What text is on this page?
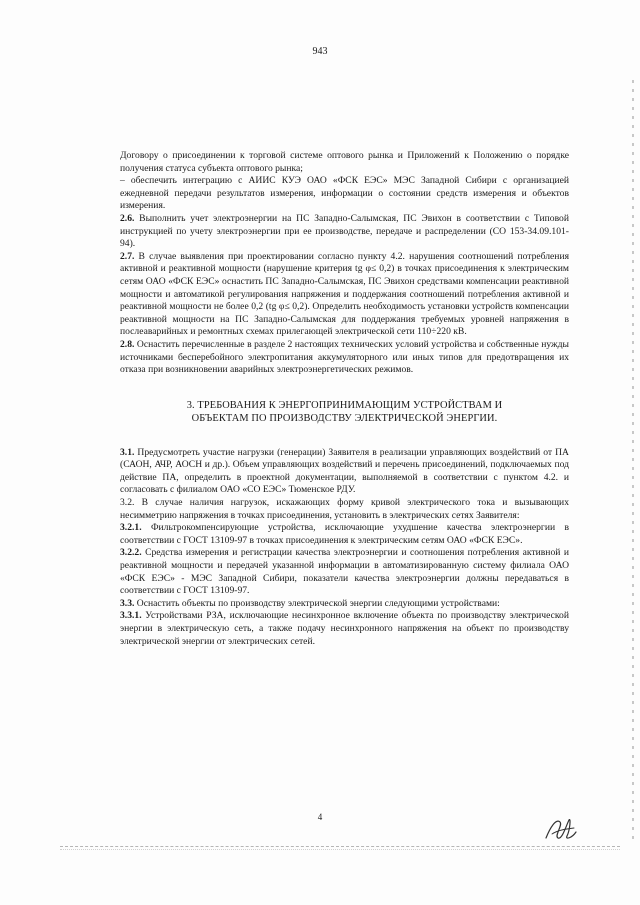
943

Договору о присоединении к торговой системе оптового рынка и Приложений к Положению о порядке получения статуса субъекта оптового рынка;

– обеспечить интеграцию с АИИС КУЭ ОАО «ФСК ЕЭС» МЭС Западной Сибири с организацией ежедневной передачи результатов измерения, информации о состоянии средств измерения и объектов измерения.

2.6. Выполнить учет электроэнергии на ПС Западно-Салымская, ПС Эвихон в соответствии с Типовой инструкцией по учету электроэнергии при ее производстве, передаче и распределении (СО 153-34.09.101-94).

2.7. В случае выявления при проектировании согласно пункту 4.2. нарушения соотношений потребления активной и реактивной мощности (нарушение критерия tg φ≤ 0,2) в точках присоединения к электрическим сетям ОАО «ФСК ЕЭС» оснастить ПС Западно-Салымская, ПС Эвихон средствами компенсации реактивной мощности и автоматикой регулирования напряжения и поддержания соотношений потребления активной и реактивной мощности не более 0,2 (tg φ≤ 0,2). Определить необходимость установки устройств компенсации реактивной мощности на ПС Западно-Салымская для поддержания требуемых уровней напряжения в послеаварийных и ремонтных схемах прилегающей электрической сети 110÷220 кВ.

2.8. Оснастить перечисленные в разделе 2 настоящих технических условий устройства и собственные нужды источниками бесперебойного электропитания аккумуляторного или иных типов для предотвращения их отказа при возникновении аварийных электроэнергетических режимов.

3. ТРЕБОВАНИЯ К ЭНЕРГОПРИНИМАЮЩИМ УСТРОЙСТВАМ И
ОБЪЕКТАМ ПО ПРОИЗВОДСТВУ ЭЛЕКТРИЧЕСКОЙ ЭНЕРГИИ.

3.1. Предусмотреть участие нагрузки (генерации) Заявителя в реализации управляющих воздействий от ПА (САОН, АЧР, АОСН и др.). Объем управляющих воздействий и перечень присоединений, подключаемых под действие ПА, определить в проектной документации, выполняемой в соответствии с пунктом 4.2. и согласовать с филиалом ОАО «СО ЕЭС» Тюменское РДУ.

3.2. В случае наличия нагрузок, искажающих форму кривой электрического тока и вызывающих несимметрию напряжения в точках присоединения, установить в электрических сетях Заявителя:

3.2.1. Фильтрокомпенсирующие устройства, исключающие ухудшение качества электроэнергии в соответствии с ГОСТ 13109-97 в точках присоединения к электрическим сетям ОАО «ФСК ЕЭС».

3.2.2. Средства измерения и регистрации качества электроэнергии и соотношения потребления активной и реактивной мощности и передачей указанной информации в автоматизированную систему филиала ОАО «ФСК ЕЭС» - МЭС Западной Сибири, показатели качества электроэнергии должны передаваться в соответствии с ГОСТ 13109-97.

3.3. Оснастить объекты по производству электрической энергии следующими устройствами:

3.3.1. Устройствами РЗА, исключающие несинхронное включение объекта по производству электрической энергии в электрическую сеть, а также подачу несинхронного напряжения на объект по производству электрической энергии от электрических сетей.

4
